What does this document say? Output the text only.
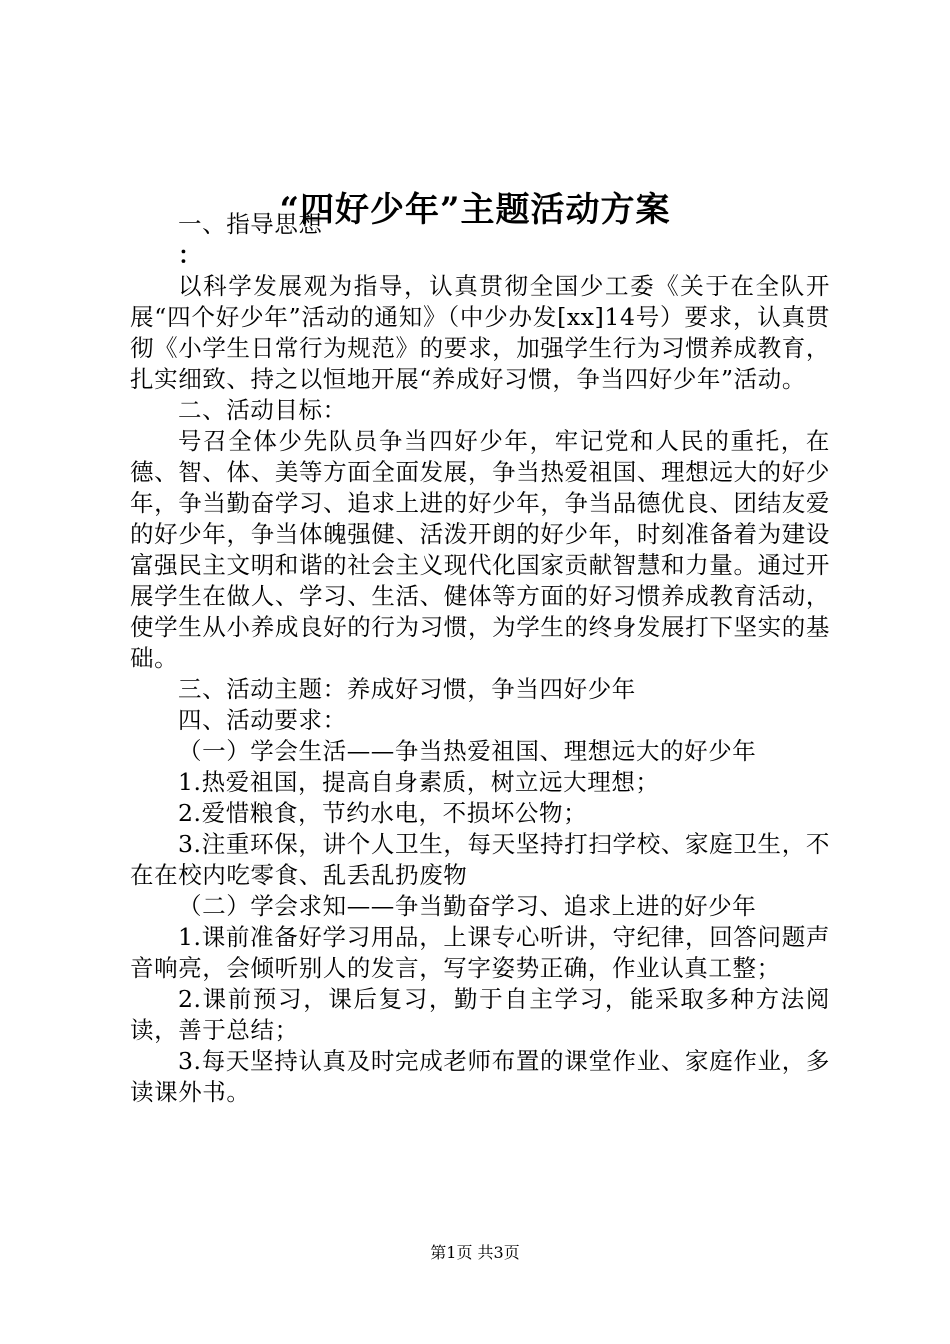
“四好少年”主题活动方案

一、指导思想

：

以科学发展观为指导，认真贯彻全国少工委《关于在全队开展“四个好少年”活动的通知》（中少办发[xx]14号）要求，认真贯彻《小学生日常行为规范》的要求，加强学生行为习惯养成教育，扎实细致、持之以恒地开展“养成好习惯，争当四好少年”活动。

二、活动目标：

号召全体少先队员争当四好少年，牢记党和人民的重托，在德、智、体、美等方面全面发展，争当热爱祖国、理想远大的好少年，争当勤奋学习、追求上进的好少年，争当品德优良、团结友爱的好少年，争当体魄强健、活泼开朗的好少年，时刻准备着为建设富强民主文明和谐的社会主义现代化国家贡献智慧和力量。通过开展学生在做人、学习、生活、健体等方面的好习惯养成教育活动，使学生从小养成良好的行为习惯，为学生的终身发展打下坚实的基础。

三、活动主题：养成好习惯，争当四好少年

四、活动要求：

（一）学会生活——争当热爱祖国、理想远大的好少年

1.热爱祖国，提高自身素质，树立远大理想；

2.爱惜粮食，节约水电，不损坏公物；

3.注重环保，讲个人卫生，每天坚持打扫学校、家庭卫生，不在在校内吃零食、乱丢乱扔废物

（二）学会求知——争当勤奋学习、追求上进的好少年

1.课前准备好学习用品，上课专心听讲，守纪律，回答问题声音响亮，会倾听别人的发言，写字姿势正确，作业认真工整；

2.课前预习，课后复习，勤于自主学习，能采取多种方法阅读，善于总结；

3.每天坚持认真及时完成老师布置的课堂作业、家庭作业，多读课外书。

第1页 共3页
